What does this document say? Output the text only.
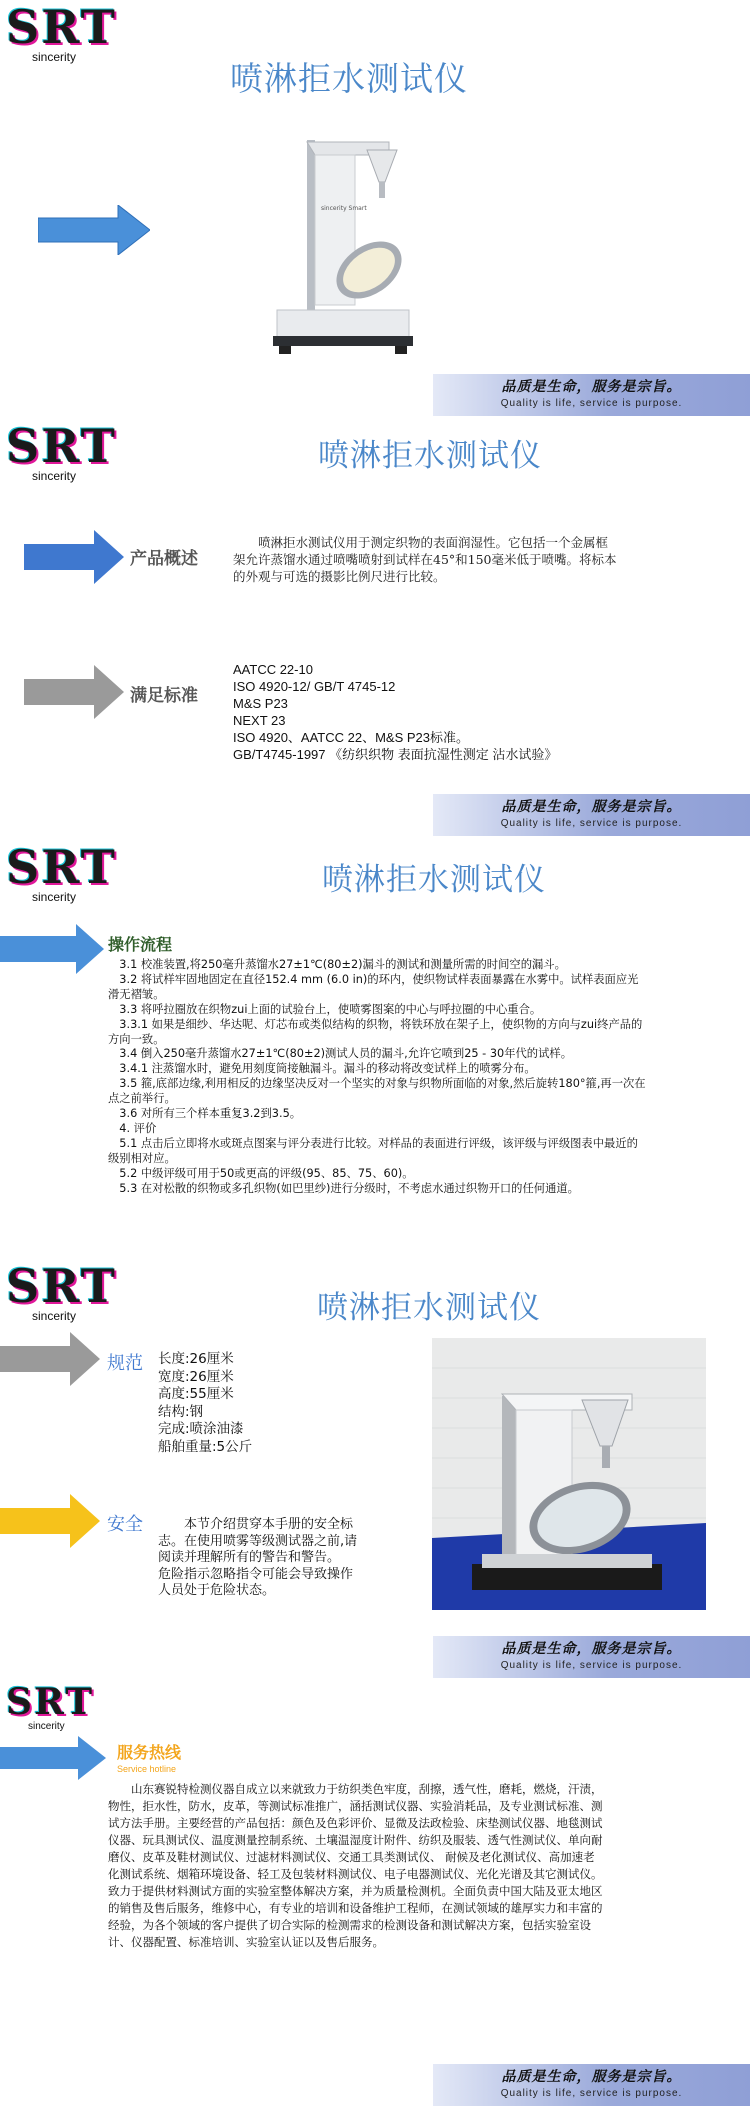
SRT
sincerity
喷淋拒水测试仪
sincerity Smart
品质是生命，服务是宗旨。
Quality is life, service is purpose.
SRT
sincerity
喷淋拒水测试仪
产品概述
　　喷淋拒水测试仪用于测定织物的表面润湿性。它包括一个金属框架允许蒸馏水通过喷嘴喷射到试样在45°和150毫米低于喷嘴。将标本的外观与可选的摄影比例尺进行比较。
满足标准
AATCC 22-10
ISO 4920-12/ GB/T 4745-12
M&S P23
NEXT 23
ISO 4920、AATCC 22、M&S P23标准。
GB/T4745-1997 《纺织织物 表面抗湿性测定 沾水试验》
品质是生命，服务是宗旨。
Quality is life, service is purpose.
SRT
sincerity	喷淋拒水测试仪
操作流程
　3.1 校准装置,将250毫升蒸馏水27±1℃(80±2)漏斗的测试和测量所需的时间空的漏斗。
　3.2 将试样牢固地固定在直径152.4 mm (6.0 in)的环内，使织物试样表面暴露在水雾中。试样表面应光滑无褶皱。
　3.3 将呼拉圈放在织物zui上面的试验台上，使喷雾图案的中心与呼拉圈的中心重合。
　3.3.1 如果是细纱、华达呢、灯芯布或类似结构的织物，将铁环放在架子上，使织物的方向与zui终产品的方向一致。
　3.4 倒入250毫升蒸馏水27±1℃(80±2)测试人员的漏斗,允许它喷到25 - 30年代的试样。
　3.4.1 注蒸馏水时，避免用刻度筒接触漏斗。漏斗的移动将改变试样上的喷雾分布。
　3.5 箍,底部边缘,利用相反的边缘坚决反对一个坚实的对象与织物所面临的对象,然后旋转180°箍,再一次在点之前举行。
　3.6 对所有三个样本重复3.2到3.5。
　4. 评价
　5.1 点击后立即将水或斑点图案与评分表进行比较。对样品的表面进行评级，该评级与评级图表中最近的级别相对应。
　5.2 中级评级可用于50或更高的评级(95、85、75、60)。
　5.3 在对松散的织物或多孔织物(如巴里纱)进行分级时，不考虑水通过织物开口的任何通道。
SRT
sincerity	喷淋拒水测试仪
规范 长度:26厘米
宽度:26厘米
高度:55厘米
结构:钢
完成:喷涂油漆
船舶重量:5公斤
安全 　　本节介绍贯穿本手册的安全标志。在使用喷雾等级测试器之前,请阅读并理解所有的警告和警告。　　危险指示忽略指令可能会导致操作人员处于危险状态。
品质是生命，服务是宗旨。
Quality is life, service is purpose.
SRT
sincerity
服务热线
Service hotline
　　山东赛锐特检测仪器自成立以来就致力于纺织类色牢度，刮擦，透气性，磨耗，燃烧，汗渍，物性，拒水性，防水，皮革，等测试标准推广，涵括测试仪器、实验消耗品，及专业测试标准、测试方法手册。主要经营的产品包括：颜色及色彩评价、显微及法政检验、床垫测试仪器、地毯测试仪器、玩具测试仪、温度测量控制系统、土壤温湿度计附件、纺织及服装、透气性测试仪、单向耐磨仪、皮革及鞋材测试仪、过滤材料测试仪、交通工具类测试仪、 耐候及老化测试仪、高加速老化测试系统、烟箱环境设备、轻工及包装材料测试仪、电子电器测试仪、光化光谱及其它测试仪。致力于提供材料测试方面的实验室整体解决方案，并为质量检测机。全面负责中国大陆及亚太地区的销售及售后服务，维修中心，有专业的培训和设备维护工程师，在测试领域的雄厚实力和丰富的经验，为各个领域的客户提供了切合实际的检测需求的检测设备和测试解决方案，包括实验室设计、仪器配置、标准培训、实验室认证以及售后服务。
品质是生命，服务是宗旨。
Quality is life, service is purpose.
